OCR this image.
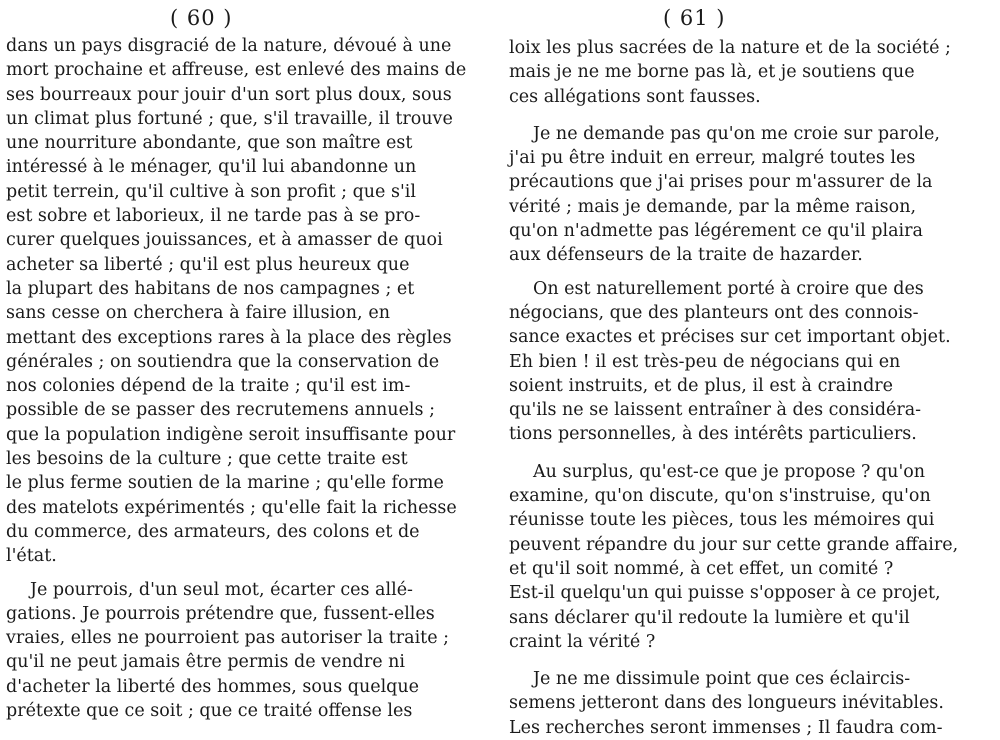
( 60 )
dans un pays disgracié de la nature, dévoué à une
mort prochaine et affreuse, est enlevé des mains de
ses bourreaux pour jouir d'un sort plus doux, sous
un climat plus fortuné ; que, s'il travaille, il trouve
une nourriture abondante, que son maître est
intéressé à le ménager, qu'il lui abandonne un
petit terrein, qu'il cultive à son profit ; que s'il
est sobre et laborieux, il ne tarde pas à se pro-
curer quelques jouissances, et à amasser de quoi
acheter sa liberté ; qu'il est plus heureux que
la plupart des habitans de nos campagnes ; et
sans cesse on cherchera à faire illusion, en
mettant des exceptions rares à la place des règles
générales ; on soutiendra que la conservation de
nos colonies dépend de la traite ; qu'il est im-
possible de se passer des recrutemens annuels ;
que la population indigène seroit insuffisante pour
les besoins de la culture ; que cette traite est
le plus ferme soutien de la marine ; qu'elle forme
des matelots expérimentés ; qu'elle fait la richesse
du commerce, des armateurs, des colons et de
l'état.
Je pourrois, d'un seul mot, écarter ces allé-
gations. Je pourrois prétendre que, fussent-elles
vraies, elles ne pourroient pas autoriser la traite ;
qu'il ne peut jamais être permis de vendre ni
d'acheter la liberté des hommes, sous quelque
prétexte que ce soit ; que ce traité offense les
( 61 )
loix les plus sacrées de la nature et de la société ;
mais je ne me borne pas là, et je soutiens que
ces allégations sont fausses.
Je ne demande pas qu'on me croie sur parole,
j'ai pu être induit en erreur, malgré toutes les
précautions que j'ai prises pour m'assurer de la
vérité ; mais je demande, par la même raison,
qu'on n'admette pas légérement ce qu'il plaira
aux défenseurs de la traite de hazarder.
On est naturellement porté à croire que des
négocians, que des planteurs ont des connois-
sance exactes et précises sur cet important objet.
Eh bien ! il est très-peu de négocians qui en
soient instruits, et de plus, il est à craindre
qu'ils ne se laissent entraîner à des considéra-
tions personnelles, à des intérêts particuliers.
Au surplus, qu'est-ce que je propose ? qu'on
examine, qu'on discute, qu'on s'instruise, qu'on
réunisse toute les pièces, tous les mémoires qui
peuvent répandre du jour sur cette grande affaire,
et qu'il soit nommé, à cet effet, un comité ?
Est-il quelqu'un qui puisse s'opposer à ce projet,
sans déclarer qu'il redoute la lumière et qu'il
craint la vérité ?
Je ne me dissimule point que ces éclaircis-
semens jetteront dans des longueurs inévitables.
Les recherches seront immenses ; Il faudra com-
